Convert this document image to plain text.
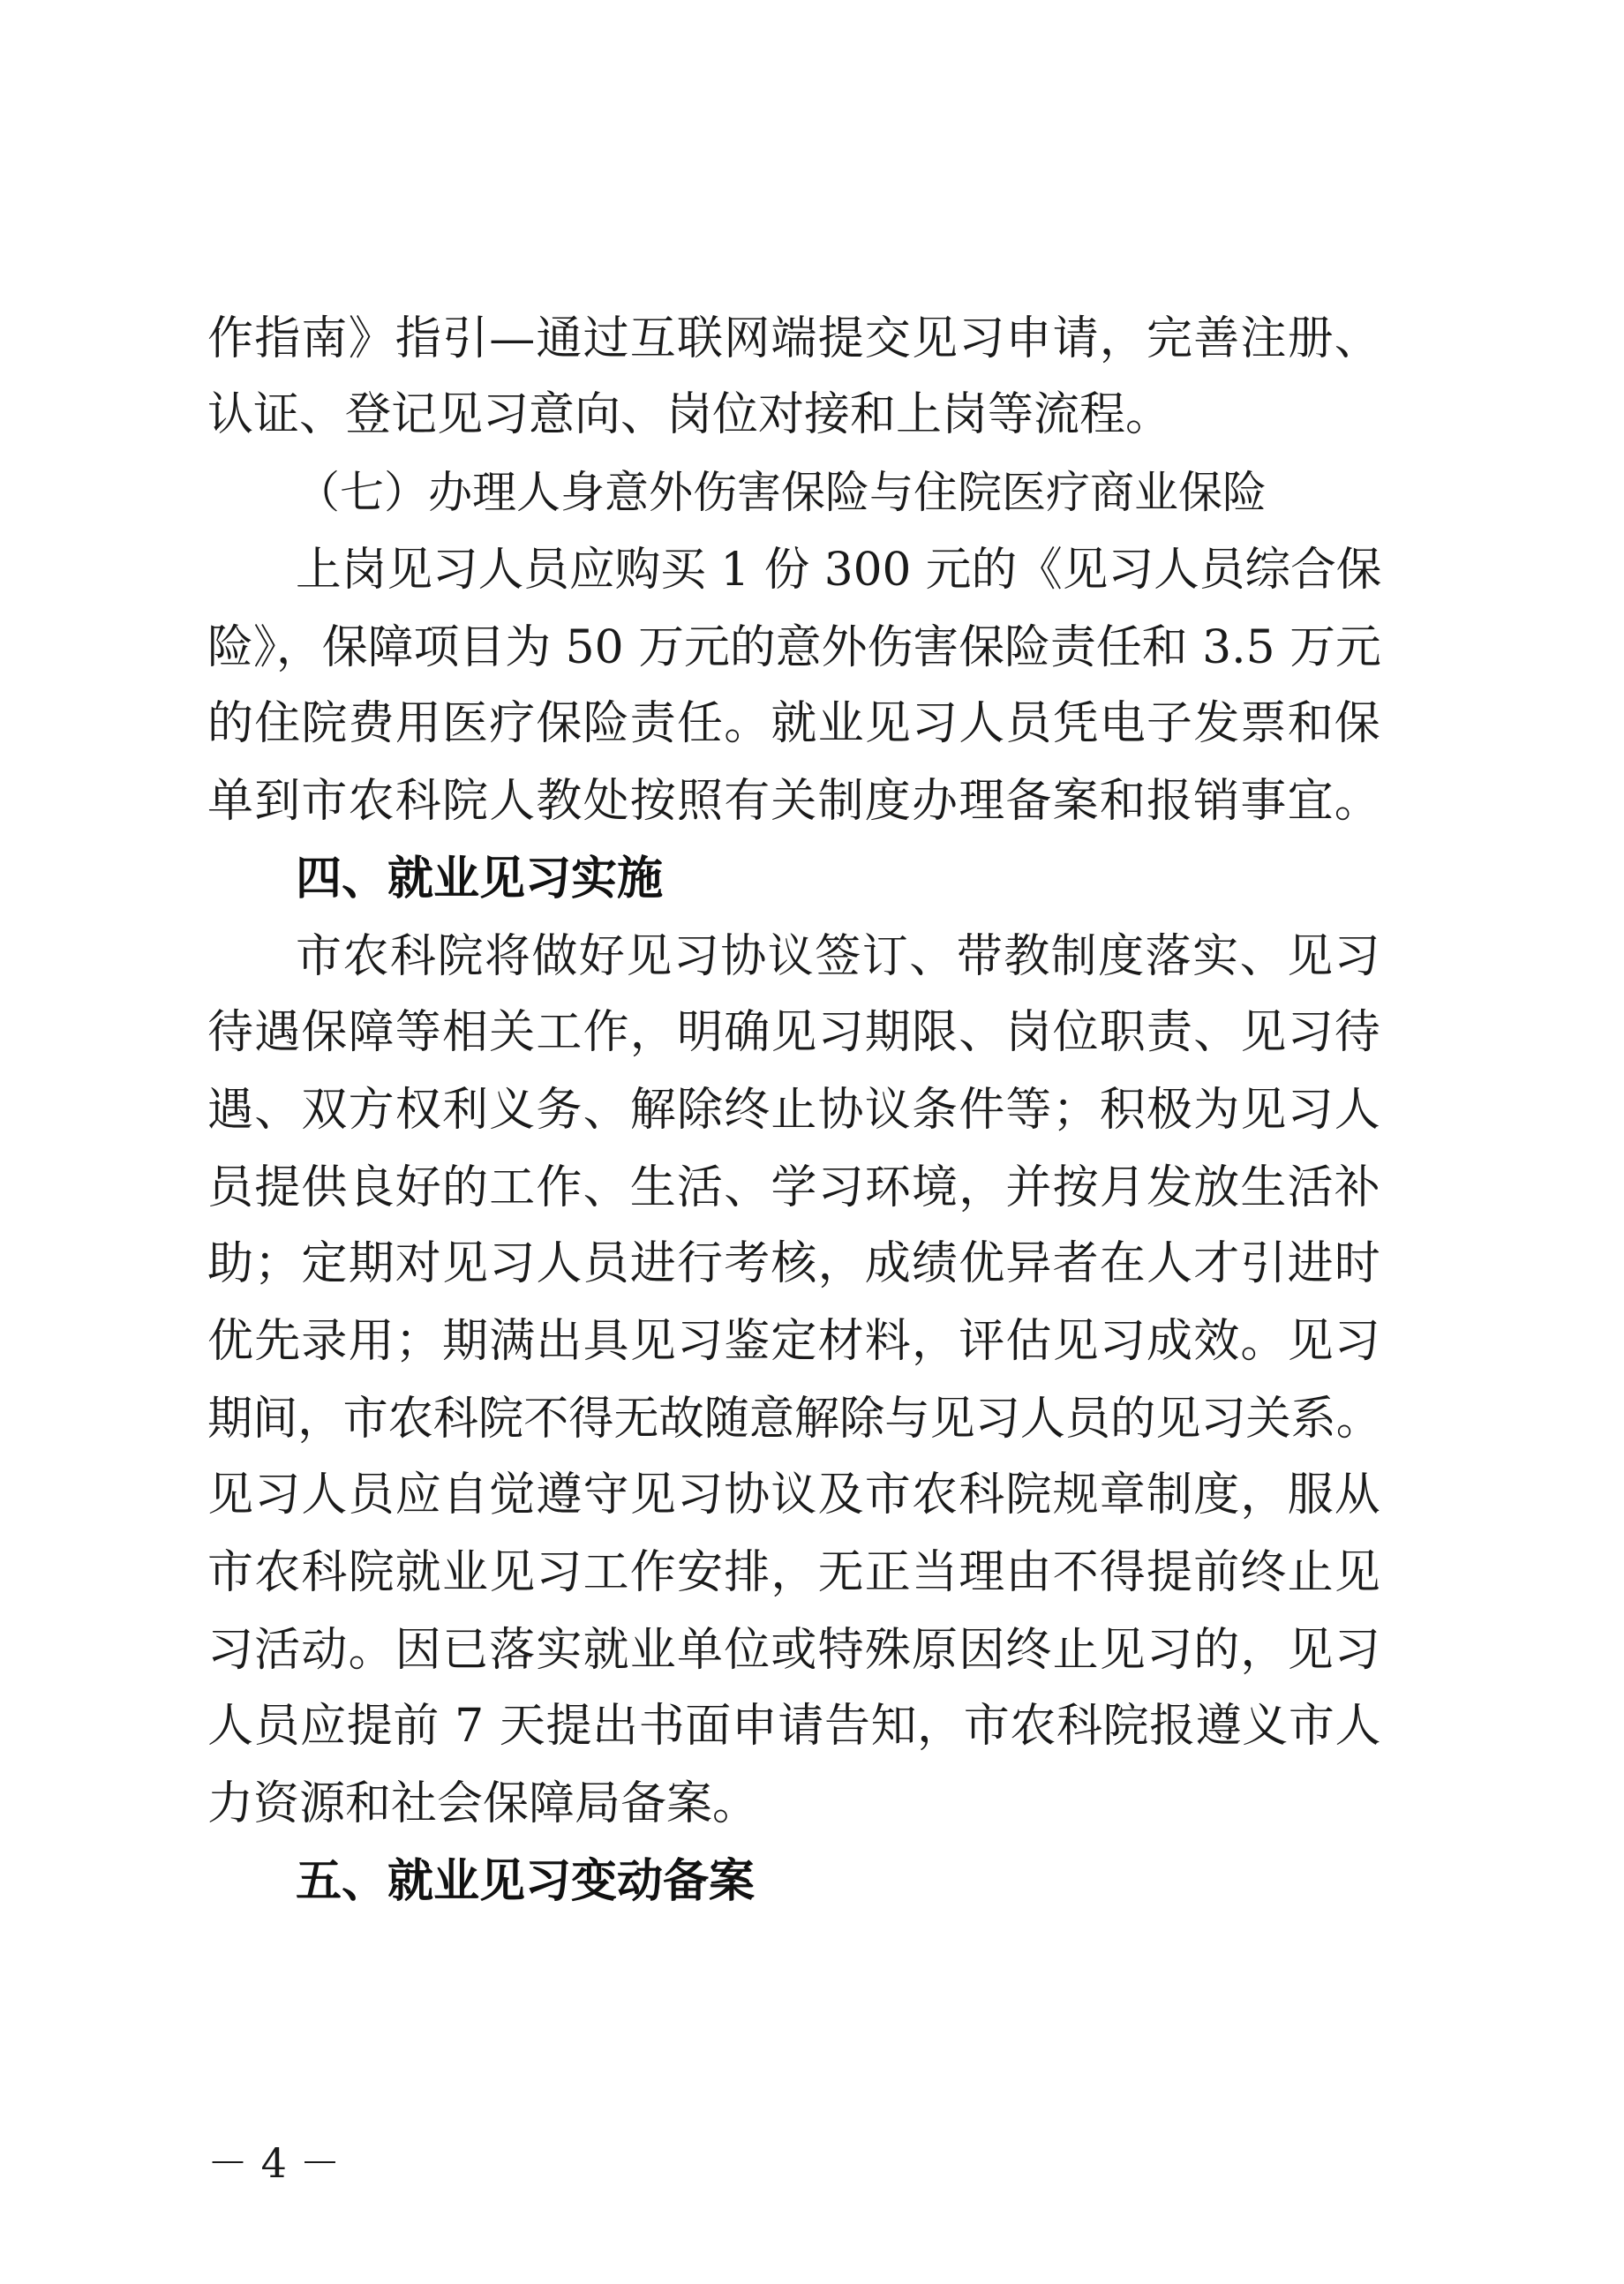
作指南》指引—通过互联网端提交见习申请，完善注册、
认证、登记见习意向、岗位对接和上岗等流程。
（七）办理人身意外伤害保险与住院医疗商业保险
上岗见习人员应购买 1 份 300 元的《见习人员综合保
险》，保障项目为 50 万元的意外伤害保险责任和 3.5 万元
的住院费用医疗保险责任。就业见习人员凭电子发票和保
单到市农科院人教处按照有关制度办理备案和报销事宜。
四、就业见习实施
市农科院将做好见习协议签订、带教制度落实、见习
待遇保障等相关工作，明确见习期限、岗位职责、见习待
遇、双方权利义务、解除终止协议条件等；积极为见习人
员提供良好的工作、生活、学习环境，并按月发放生活补
助；定期对见习人员进行考核，成绩优异者在人才引进时
优先录用；期满出具见习鉴定材料，评估见习成效。见习
期间，市农科院不得无故随意解除与见习人员的见习关系。
见习人员应自觉遵守见习协议及市农科院规章制度，服从
市农科院就业见习工作安排，无正当理由不得提前终止见
习活动。因已落实就业单位或特殊原因终止见习的，见习
人员应提前 7 天提出书面申请告知，市农科院报遵义市人
力资源和社会保障局备案。
五、就业见习变动备案
－ 4 －
